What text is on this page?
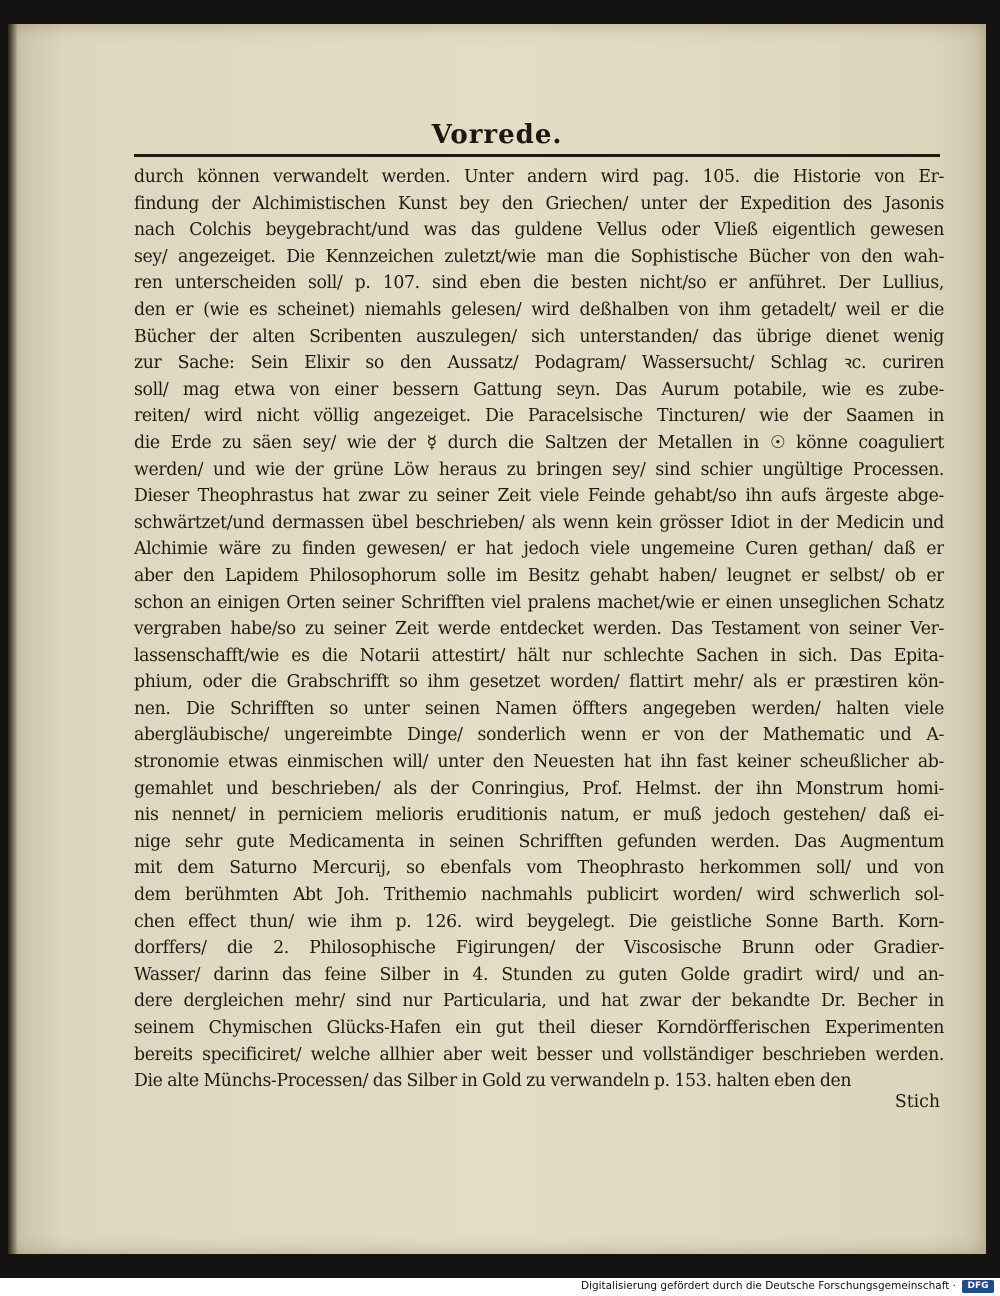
Vorrede.
durch können verwandelt werden. Unter andern wird pag. 105. die Historie von Er-
findung der Alchimistischen Kunst bey den Griechen/ unter der Expedition des Jasonis
nach Colchis beygebracht/und was das guldene Vellus oder Vließ eigentlich gewesen
sey/ angezeiget. Die Kennzeichen zuletzt/wie man die Sophistische Bücher von den wah-
ren unterscheiden soll/ p. 107. sind eben die besten nicht/so er anführet. Der Lullius,
den er (wie es scheinet) niemahls gelesen/ wird deßhalben von ihm getadelt/ weil er die
Bücher der alten Scribenten auszulegen/ sich unterstanden/ das übrige dienet wenig
zur Sache: Sein Elixir so den Aussatz/ Podagram/ Wassersucht/ Schlag ꝛc. curiren
soll/ mag etwa von einer bessern Gattung seyn. Das Aurum potabile, wie es zube-
reiten/ wird nicht völlig angezeiget. Die Paracelsische Tincturen/ wie der Saamen in
die Erde zu säen sey/ wie der ☿ durch die Saltzen der Metallen in ☉ könne coaguliert
werden/ und wie der grüne Löw heraus zu bringen sey/ sind schier ungültige Processen.
Dieser Theophrastus hat zwar zu seiner Zeit viele Feinde gehabt/so ihn aufs ärgeste abge-
schwärtzet/und dermassen übel beschrieben/ als wenn kein grösser Idiot in der Medicin und
Alchimie wäre zu finden gewesen/ er hat jedoch viele ungemeine Curen gethan/ daß er
aber den Lapidem Philosophorum solle im Besitz gehabt haben/ leugnet er selbst/ ob er
schon an einigen Orten seiner Schrifften viel pralens machet/wie er einen unseglichen Schatz
vergraben habe/so zu seiner Zeit werde entdecket werden. Das Testament von seiner Ver-
lassenschafft/wie es die Notarii attestirt/ hält nur schlechte Sachen in sich. Das Epita-
phium, oder die Grabschrifft so ihm gesetzet worden/ flattirt mehr/ als er præstiren kön-
nen. Die Schrifften so unter seinen Namen öffters angegeben werden/ halten viele
abergläubische/ ungereimbte Dinge/ sonderlich wenn er von der Mathematic und A-
stronomie etwas einmischen will/ unter den Neuesten hat ihn fast keiner scheußlicher ab-
gemahlet und beschrieben/ als der Conringius, Prof. Helmst. der ihn Monstrum homi-
nis nennet/ in perniciem melioris eruditionis natum, er muß jedoch gestehen/ daß ei-
nige sehr gute Medicamenta in seinen Schrifften gefunden werden. Das Augmentum
mit dem Saturno Mercurij, so ebenfals vom Theophrasto herkommen soll/ und von
dem berühmten Abt Joh. Trithemio nachmahls publicirt worden/ wird schwerlich sol-
chen effect thun/ wie ihm p. 126. wird beygelegt. Die geistliche Sonne Barth. Korn-
dorffers/ die 2. Philosophische Figirungen/ der Viscosische Brunn oder Gradier-
Wasser/ darinn das feine Silber in 4. Stunden zu guten Golde gradirt wird/ und an-
dere dergleichen mehr/ sind nur Particularia, und hat zwar der bekandte Dr. Becher in
seinem Chymischen Glücks-Hafen ein gut theil dieser Korndörfferischen Experimenten
bereits specificiret/ welche allhier aber weit besser und vollständiger beschrieben werden.
Die alte Münchs-Processen/ das Silber in Gold zu verwandeln p. 153. halten eben den
Stich
Digitalisierung gefördert durch die Deutsche Forschungsgemeinschaft ·	DFG
